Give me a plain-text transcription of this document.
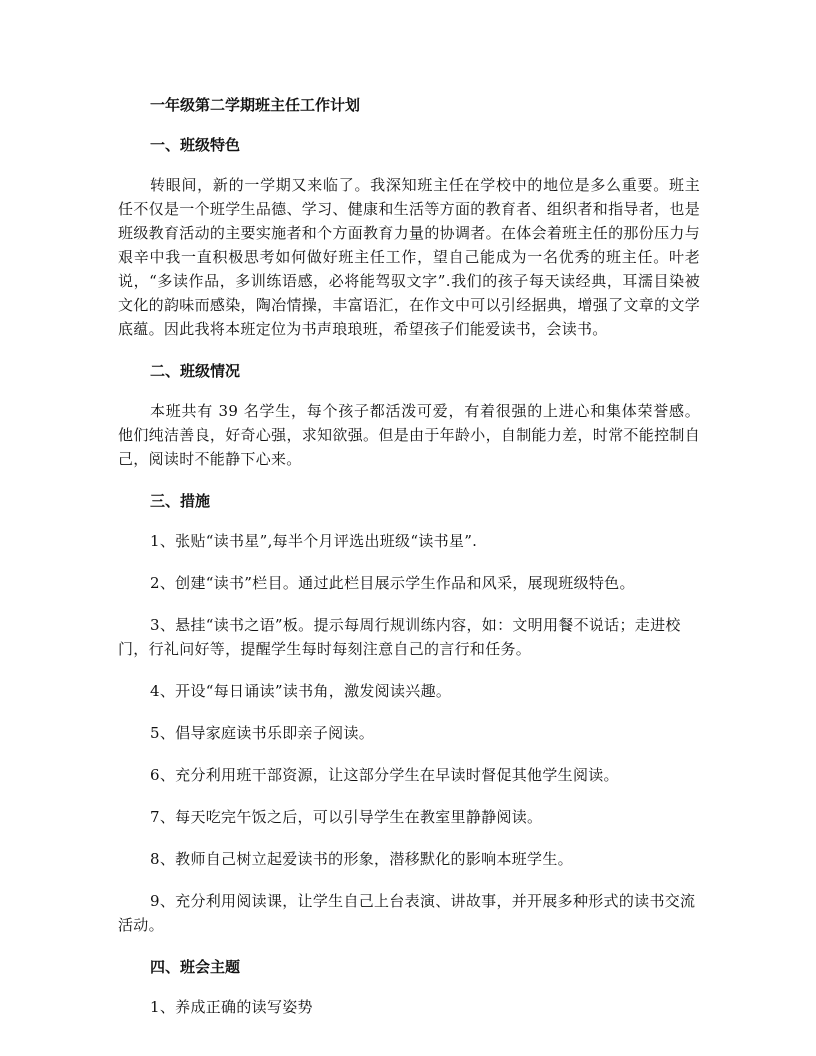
一年级第二学期班主任工作计划
一、班级特色

转眼间，新的一学期又来临了。我深知班主任在学校中的地位是多么重要。班主任不仅是一个班学生品德、学习、健康和生活等方面的教育者、组织者和指导者，也是班级教育活动的主要实施者和个方面教育力量的协调者。在体会着班主任的那份压力与艰辛中我一直积极思考如何做好班主任工作，望自己能成为一名优秀的班主任。叶老说，“多读作品，多训练语感，必将能驾驭文字”.我们的孩子每天读经典，耳濡目染被文化的韵味而感染，陶冶情操，丰富语汇，在作文中可以引经据典，增强了文章的文学底蕴。因此我将本班定位为书声琅琅班，希望孩子们能爱读书，会读书。

二、班级情况

本班共有 39 名学生，每个孩子都活泼可爱，有着很强的上进心和集体荣誉感。他们纯洁善良，好奇心强，求知欲强。但是由于年龄小，自制能力差，时常不能控制自己，阅读时不能静下心来。

三、措施

1、张贴“读书星”,每半个月评选出班级“读书星”.

2、创建“读书”栏目。通过此栏目展示学生作品和风采，展现班级特色。

3、悬挂“读书之语”板。提示每周行规训练内容，如：文明用餐不说话；走进校门，行礼问好等，提醒学生每时每刻注意自己的言行和任务。

4、开设“每日诵读”读书角，激发阅读兴趣。

5、倡导家庭读书乐即亲子阅读。

6、充分利用班干部资源，让这部分学生在早读时督促其他学生阅读。

7、每天吃完午饭之后，可以引导学生在教室里静静阅读。

8、教师自己树立起爱读书的形象，潜移默化的影响本班学生。

9、充分利用阅读课，让学生自己上台表演、讲故事，并开展多种形式的读书交流活动。

四、班会主题

1、养成正确的读写姿势
